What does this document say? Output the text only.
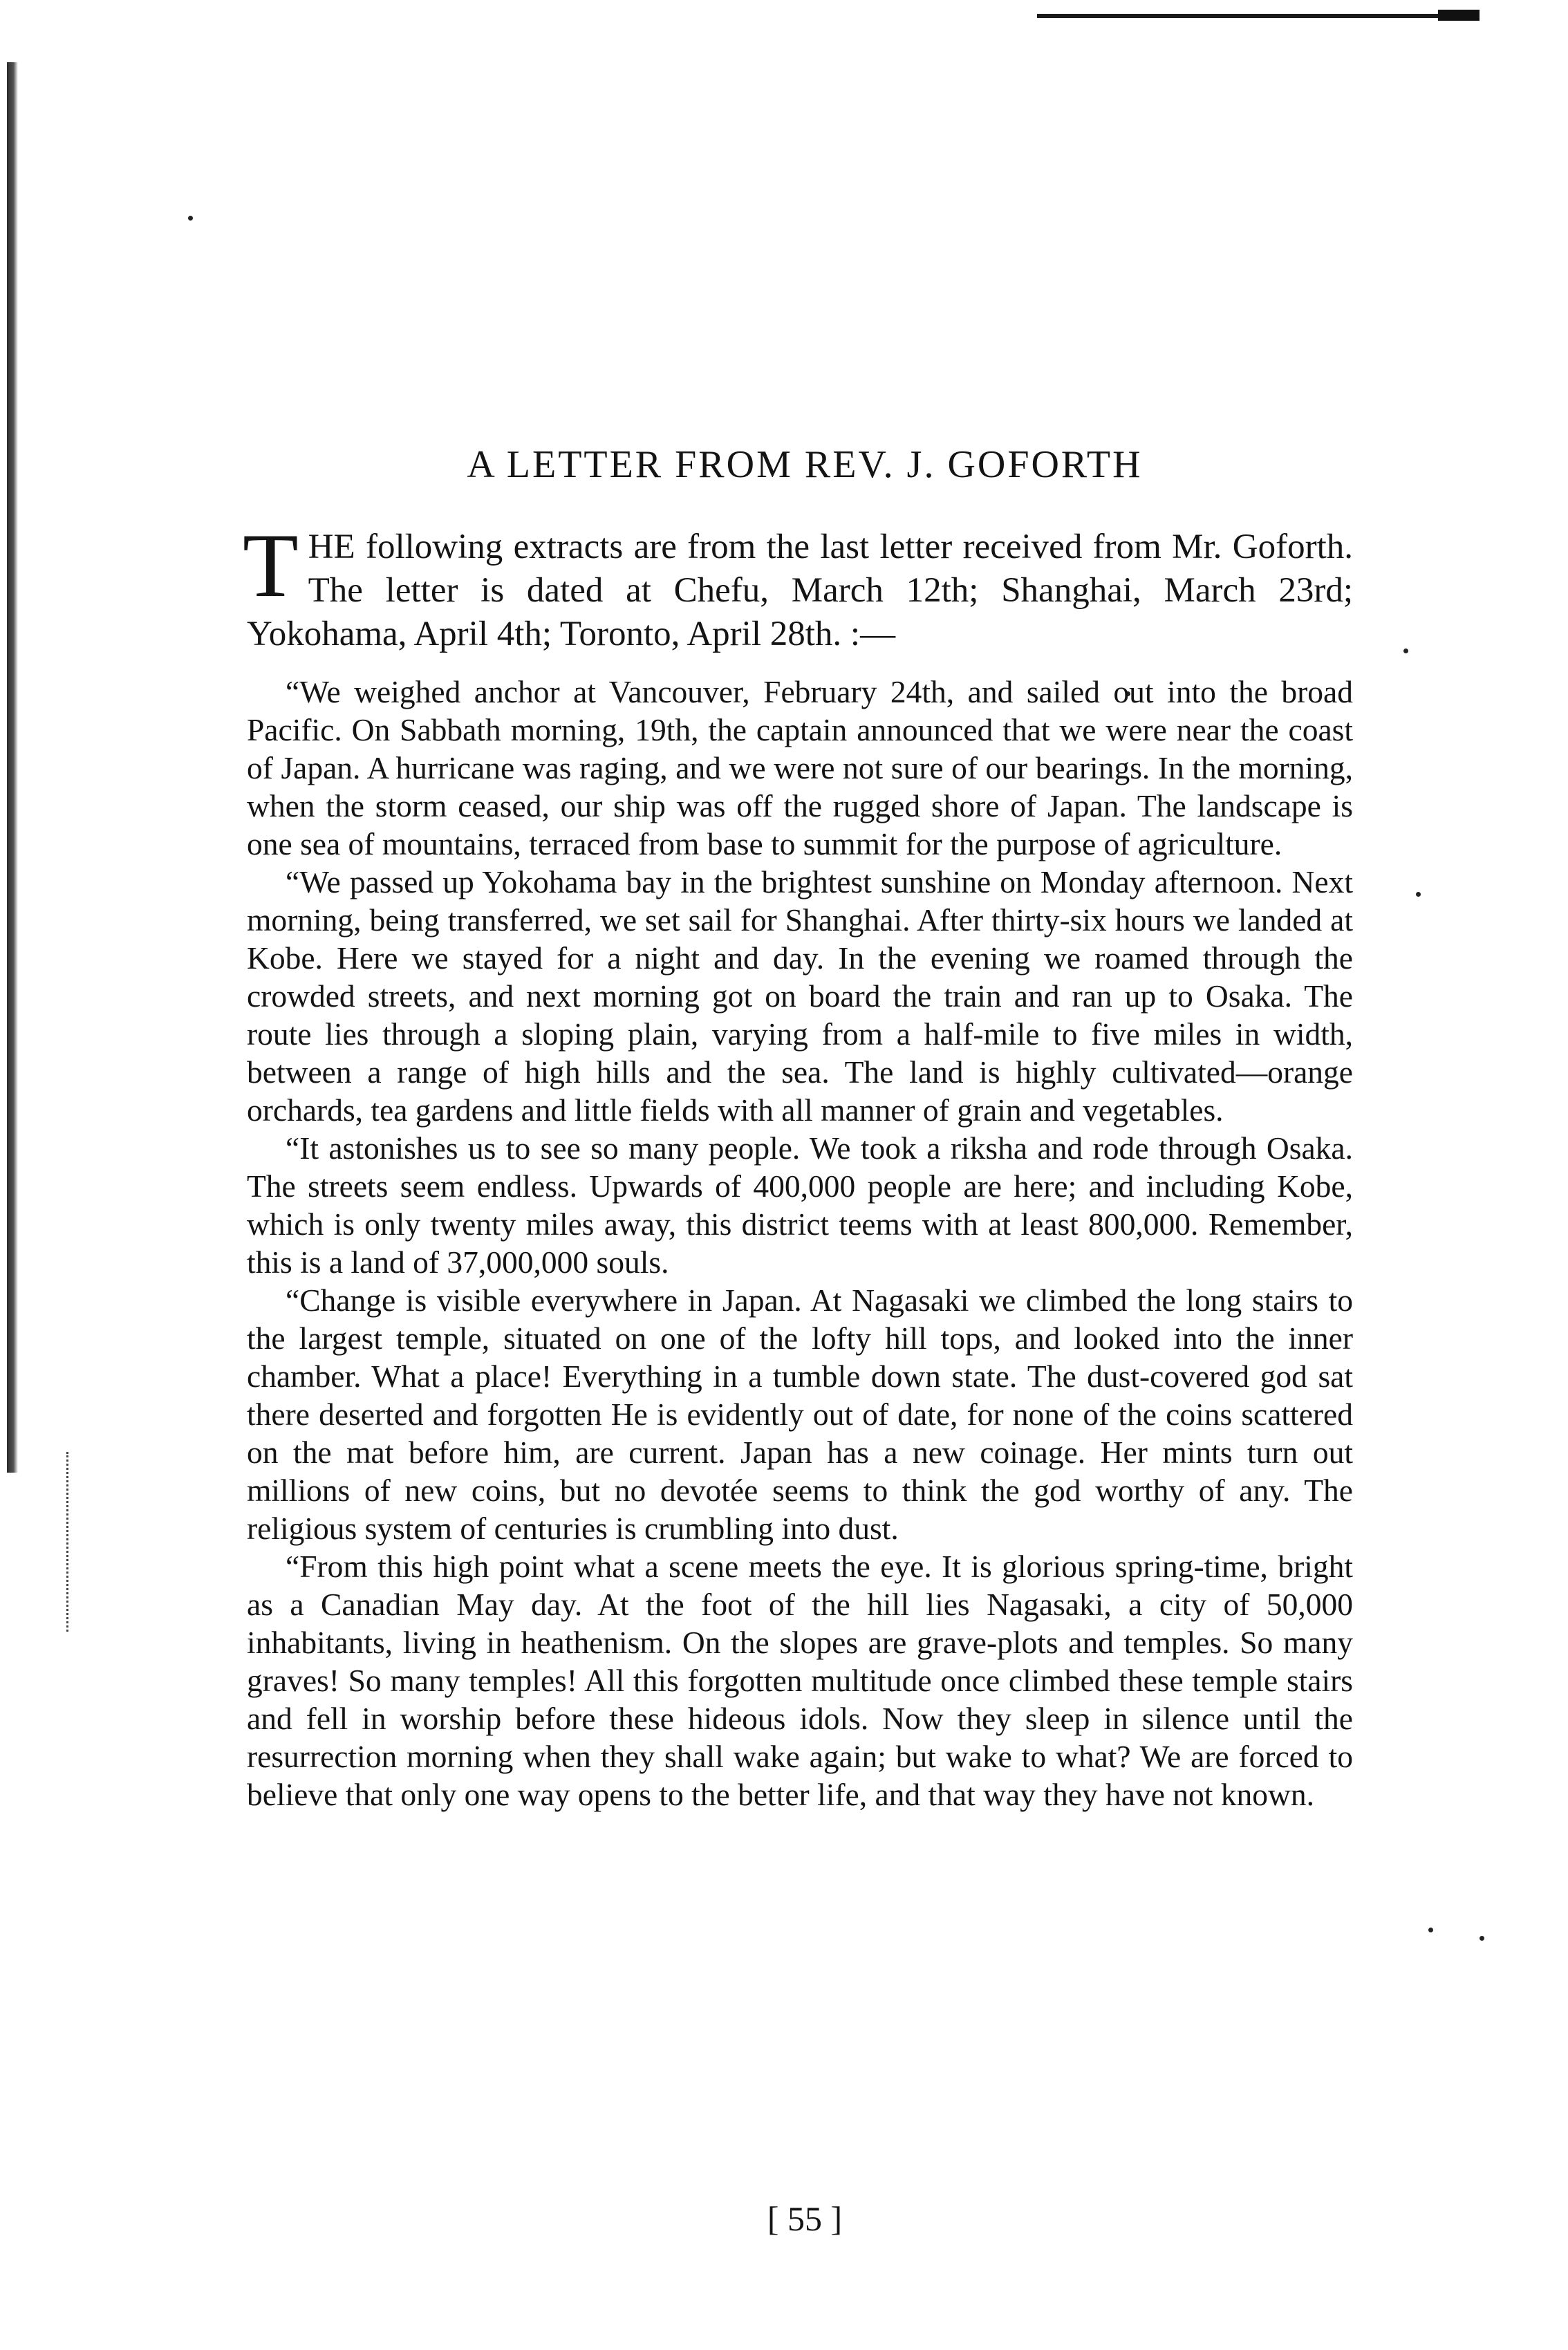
A LETTER FROM REV. J. GOFORTH

THE following extracts are from the last letter received from Mr. Goforth. The letter is dated at Chefu, March 12th; Shanghai, March 23rd; Yokohama, April 4th; Toronto, April 28th. :—

“We weighed anchor at Vancouver, February 24th, and sailed out into the broad Pacific. On Sabbath morning, 19th, the captain announced that we were near the coast of Japan. A hurricane was raging, and we were not sure of our bearings. In the morning, when the storm ceased, our ship was off the rugged shore of Japan. The landscape is one sea of mountains, terraced from base to summit for the purpose of agriculture.

“We passed up Yokohama bay in the brightest sunshine on Monday afternoon. Next morning, being transferred, we set sail for Shanghai. After thirty-six hours we landed at Kobe. Here we stayed for a night and day. In the evening we roamed through the crowded streets, and next morning got on board the train and ran up to Osaka. The route lies through a sloping plain, varying from a half-mile to five miles in width, between a range of high hills and the sea. The land is highly cultivated—orange orchards, tea gardens and little fields with all manner of grain and vegetables.

“It astonishes us to see so many people. We took a riksha and rode through Osaka. The streets seem endless. Upwards of 400,000 people are here; and including Kobe, which is only twenty miles away, this district teems with at least 800,000. Remember, this is a land of 37,000,000 souls.

“Change is visible everywhere in Japan. At Nagasaki we climbed the long stairs to the largest temple, situated on one of the lofty hill tops, and looked into the inner chamber. What a place! Everything in a tumble down state. The dust-covered god sat there deserted and forgotten He is evidently out of date, for none of the coins scattered on the mat before him, are current. Japan has a new coinage. Her mints turn out millions of new coins, but no devotée seems to think the god worthy of any. The religious system of centuries is crumbling into dust.

“From this high point what a scene meets the eye. It is glorious spring-time, bright as a Canadian May day. At the foot of the hill lies Nagasaki, a city of 50,000 inhabitants, living in heathenism. On the slopes are grave-plots and temples. So many graves! So many temples! All this forgotten multitude once climbed these temple stairs and fell in worship before these hideous idols. Now they sleep in silence until the resurrection morning when they shall wake again; but wake to what? We are forced to believe that only one way opens to the better life, and that way they have not known.

[ 55 ]
